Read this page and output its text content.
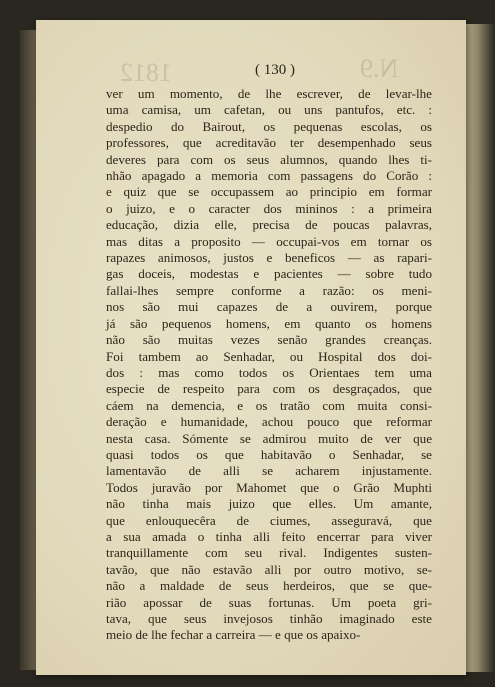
1812	N.9
( 130 )
ver um momento, de lhe escrever, de levar-lhe
uma camisa, um cafetan, ou uns pantufos, etc. :
despedio do Bairout, os pequenas escolas, os
professores, que acreditavão ter desempenhado seus
deveres para com os seus alumnos, quando lhes ti-
nhão apagado a memoria com passagens do Corão :
e quiz que se occupassem ao principio em formar
o juizo, e o caracter dos mininos : a primeira
educação, dizia elle, precisa de poucas palavras,
mas ditas a proposito — occupai-vos em tornar os
rapazes animosos, justos e beneficos — as rapari-
gas doceis, modestas e pacientes — sobre tudo
fallai-lhes sempre conforme a razão: os meni-
nos são mui capazes de a ouvirem, porque
já são pequenos homens, em quanto os homens
não são muitas vezes senão grandes creanças.
Foi tambem ao Senhadar, ou Hospital dos doi-
dos : mas como todos os Orientaes tem uma
especie de respeito para com os desgraçados, que
cáem na demencia, e os tratão com muita consi-
deração e humanidade, achou pouco que reformar
nesta casa. Sómente se admirou muito de ver que
quasi todos os que habitavão o Senhadar, se
lamentavão de alli se acharem injustamente.
Todos juravão por Mahomet que o Grão Muphti
não tinha mais juizo que elles. Um amante,
que enlouquecêra de ciumes, asseguravá, que
a sua amada o tinha alli feito encerrar para viver
tranquillamente com seu rival. Indigentes susten-
tavão, que não estavão alli por outro motivo, se-
não a maldade de seus herdeiros, que se que-
rião apossar de suas fortunas. Um poeta gri-
tava, que seus invejosos tinhão imaginado este
meio de lhe fechar a carreira — e que os apaixo-
